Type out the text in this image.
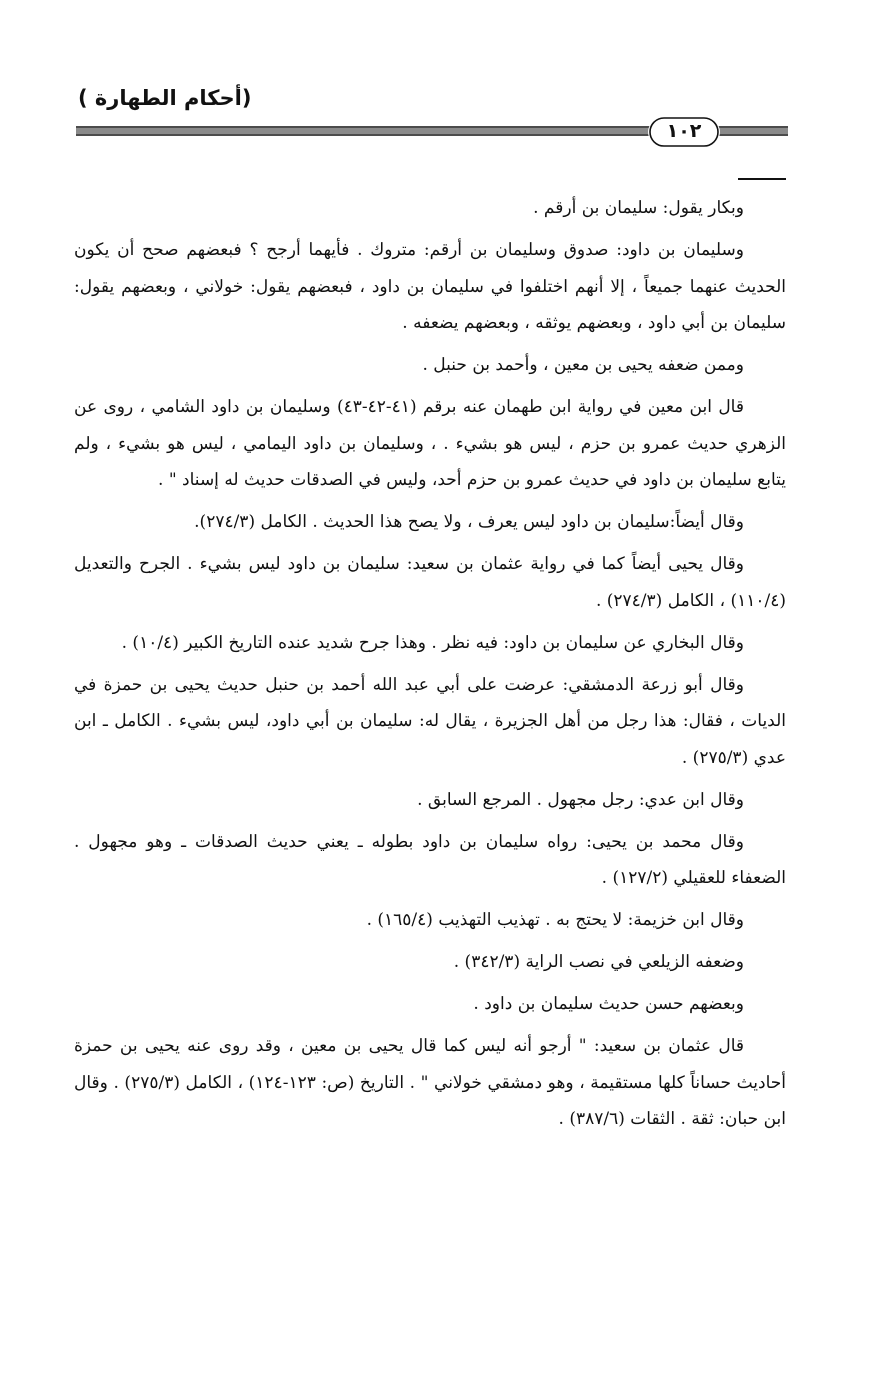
(أحكام الطهارة )
١٠٢

وبكار يقول: سليمان بن أرقم .

وسليمان بن داود: صدوق وسليمان بن أرقم: متروك . فأيهما أرجح ؟ فبعضهم صحح أن يكون الحديث عنهما جميعاً ، إلا أنهم اختلفوا في سليمان بن داود ، فبعضهم يقول: خولاني ، وبعضهم يقول: سليمان بن أبي داود ، وبعضهم يوثقه ، وبعضهم يضعفه .

وممن ضعفه يحيى بن معين ، وأحمد بن حنبل .

قال ابن معين في رواية ابن طهمان عنه برقم (٤١-٤٢-٤٣) وسليمان بن داود الشامي ، روى عن الزهري حديث عمرو بن حزم ، ليس هو بشيء . ، وسليمان بن داود اليمامي ، ليس هو بشيء ، ولم يتابع سليمان بن داود في حديث عمرو بن حزم أحد، وليس في الصدقات حديث له إسناد " .

وقال أيضاً:سليمان بن داود ليس يعرف ، ولا يصح هذا الحديث . الكامل (٢٧٤/٣).

وقال يحيى أيضاً كما في رواية عثمان بن سعيد: سليمان بن داود ليس بشيء . الجرح والتعديل (١١٠/٤) ، الكامل (٢٧٤/٣) .

وقال البخاري عن سليمان بن داود: فيه نظر . وهذا جرح شديد عنده التاريخ الكبير (١٠/٤) .

وقال أبو زرعة الدمشقي: عرضت على أبي عبد الله أحمد بن حنبل حديث يحيى بن حمزة في الديات ، فقال: هذا رجل من أهل الجزيرة ، يقال له: سليمان بن أبي داود، ليس بشيء . الكامل ـ ابن عدي (٢٧٥/٣) .

وقال ابن عدي: رجل مجهول . المرجع السابق .

وقال محمد بن يحيى: رواه سليمان بن داود بطوله ـ يعني حديث الصدقات ـ وهو مجهول . الضعفاء للعقيلي (١٢٧/٢) .

وقال ابن خزيمة: لا يحتج به . تهذيب التهذيب (١٦٥/٤) .

وضعفه الزيلعي في نصب الراية (٣٤٢/٣) .

وبعضهم حسن حديث سليمان بن داود .

قال عثمان بن سعيد: " أرجو أنه ليس كما قال يحيى بن معين ، وقد روى عنه يحيى بن حمزة أحاديث حساناً كلها مستقيمة ، وهو دمشقي خولاني " . التاريخ (ص: ١٢٣-١٢٤) ، الكامل (٢٧٥/٣) . وقال ابن حبان: ثقة . الثقات (٣٨٧/٦) .
